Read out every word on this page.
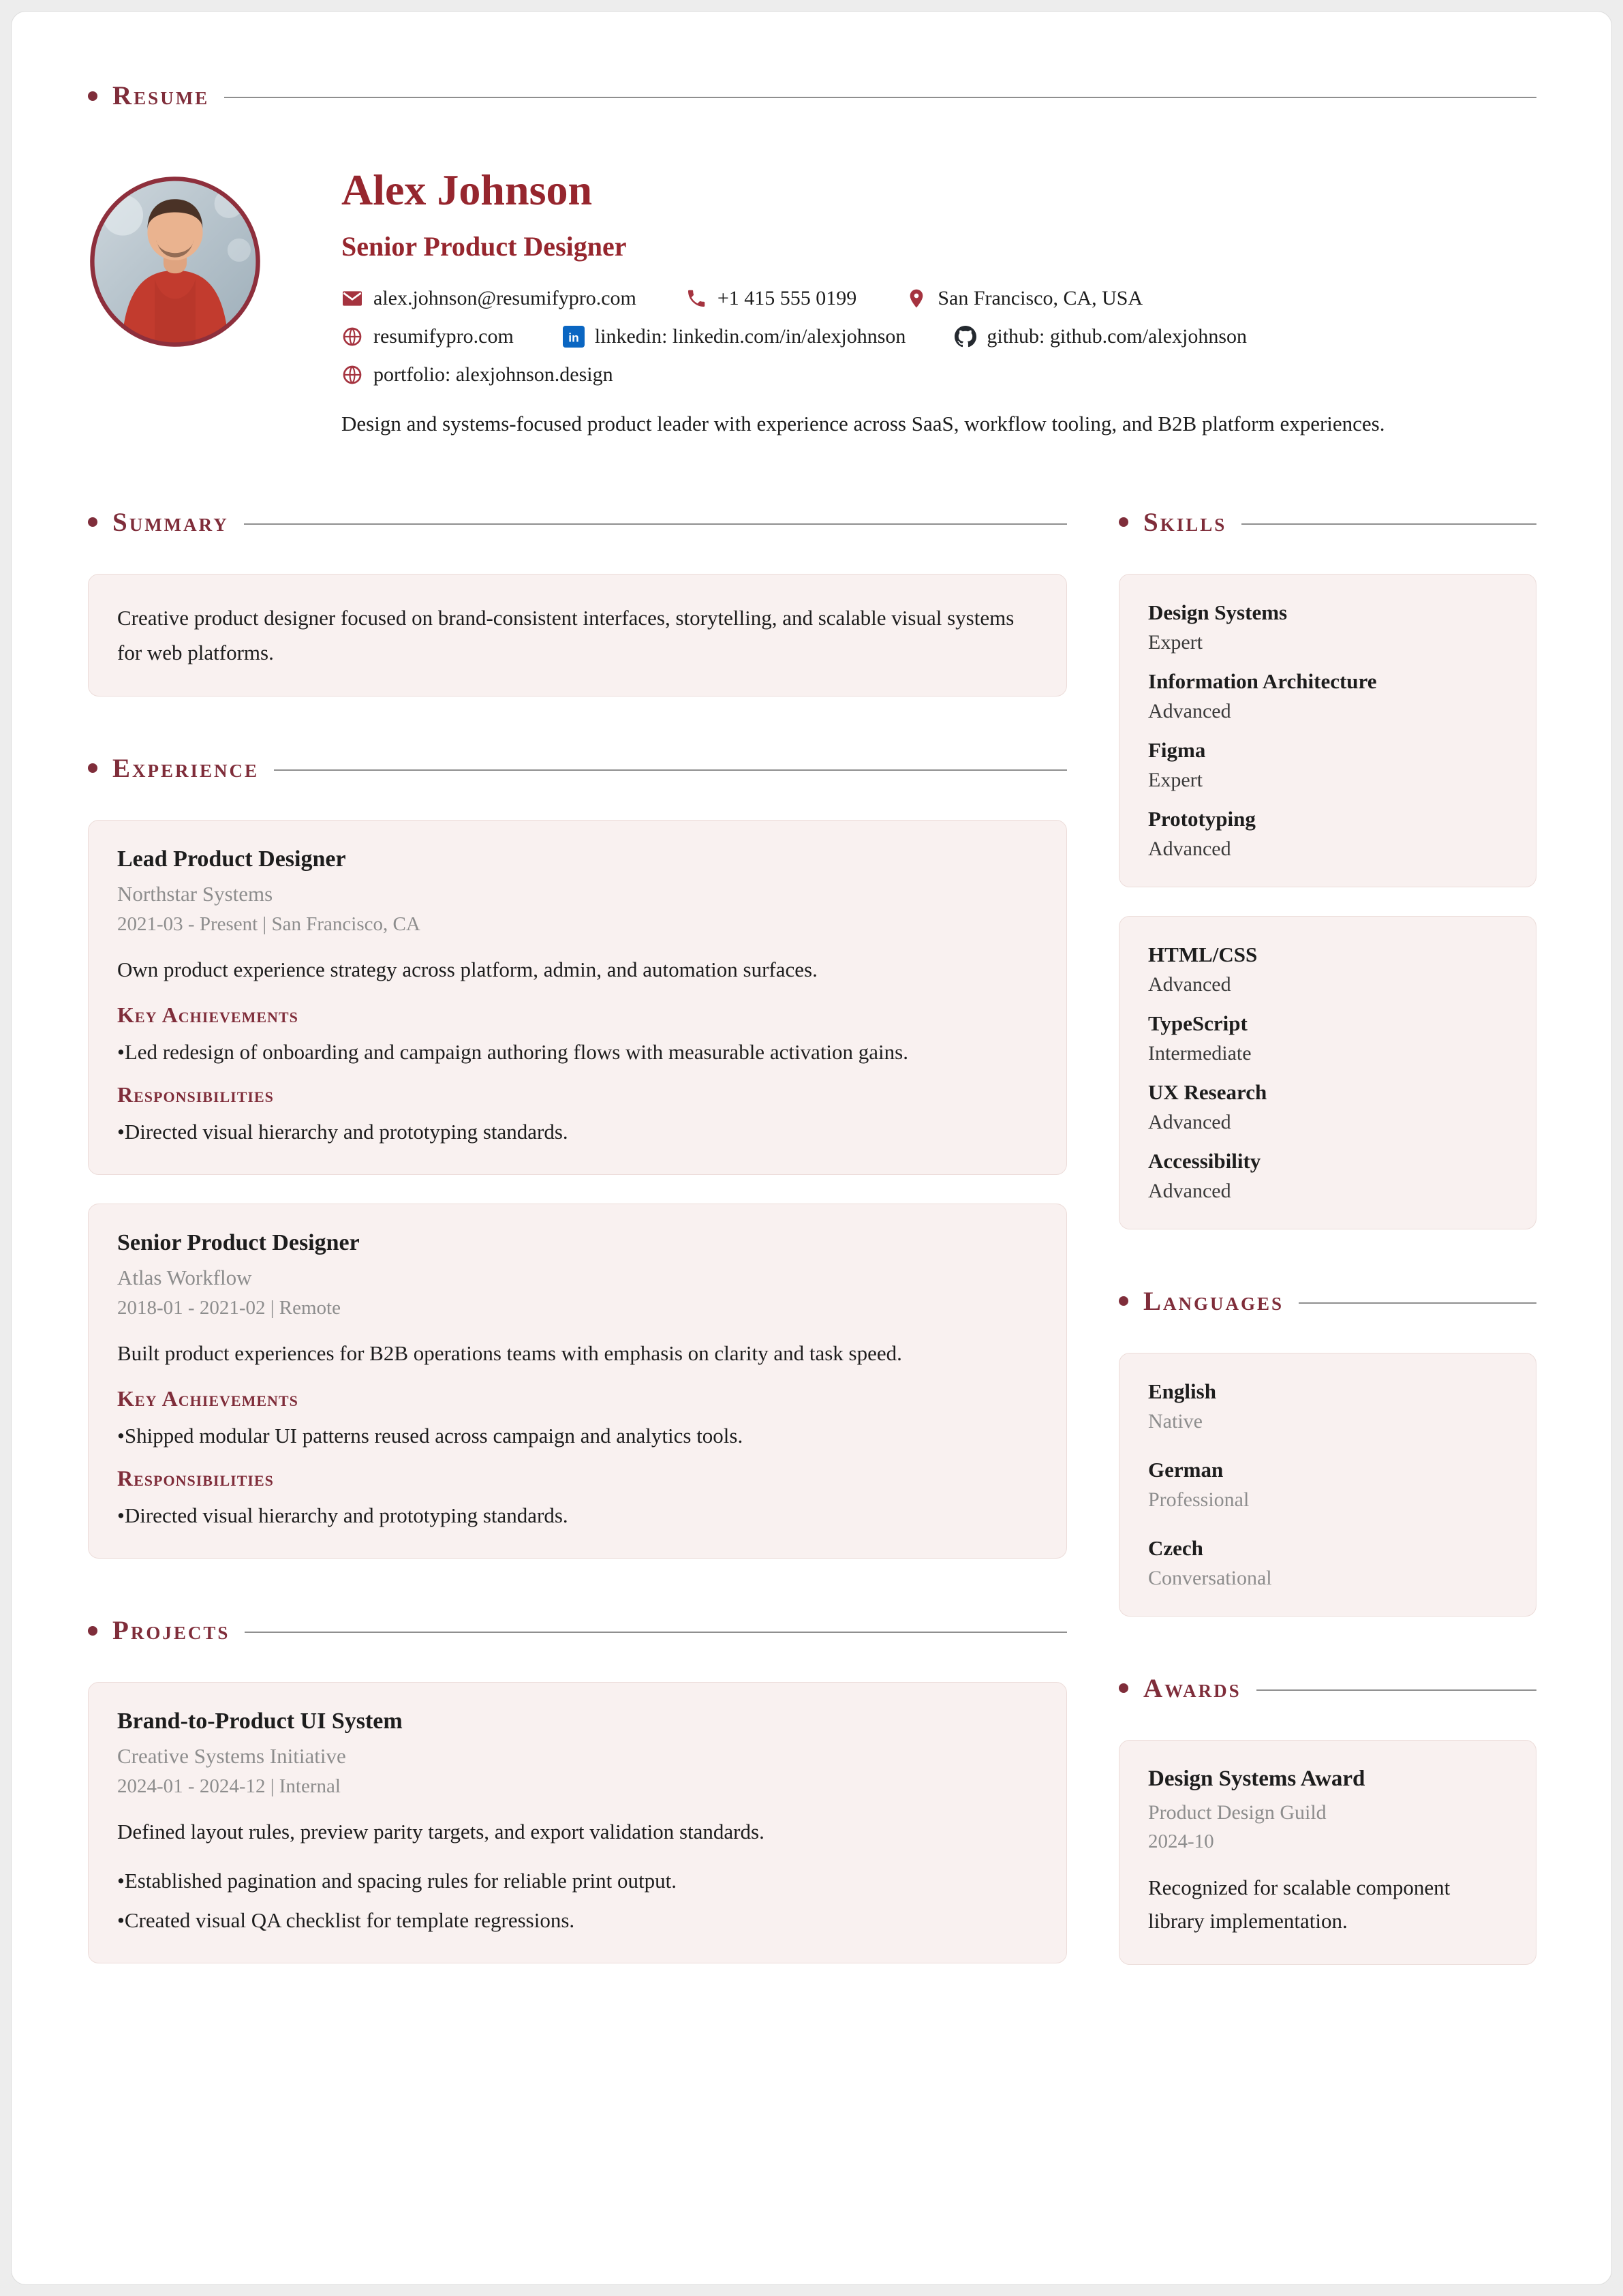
Resume
Alex Johnson
Senior Product Designer
alex.johnson@resumifypro.com	+1 415 555 0199	San Francisco, CA, USA
resumifypro.com	in linkedin: linkedin.com/in/alexjohnson	github: github.com/alexjohnson
portfolio: alexjohnson.design

Design and systems-focused product leader with experience across SaaS, workflow tooling, and B2B platform experiences.

Summary

Creative product designer focused on brand-consistent interfaces, storytelling, and scalable visual systems for web platforms.

Experience
Lead Product Designer
Northstar Systems
2021-03 - Present | San Francisco, CA

Own product experience strategy across platform, admin, and automation surfaces.

Key Achievements

• Led redesign of onboarding and campaign authoring flows with measurable activation gains.

Responsibilities

• Directed visual hierarchy and prototyping standards.

Senior Product Designer
Atlas Workflow
2018-01 - 2021-02 | Remote

Built product experiences for B2B operations teams with emphasis on clarity and task speed.

Key Achievements

• Shipped modular UI patterns reused across campaign and analytics tools.

Responsibilities

• Directed visual hierarchy and prototyping standards.

Projects
Brand-to-Product UI System
Creative Systems Initiative
2024-01 - 2024-12 | Internal

Defined layout rules, preview parity targets, and export validation standards.

• Established pagination and spacing rules for reliable print output.

• Created visual QA checklist for template regressions.

Skills
Design Systems
Expert
Information Architecture
Advanced
Figma
Expert
Prototyping
Advanced
HTML/CSS
Advanced
TypeScript
Intermediate
UX Research
Advanced
Accessibility
Advanced
Languages
English
Native
German
Professional
Czech
Conversational
Awards
Design Systems Award
Product Design Guild
2024-10

Recognized for scalable component library implementation.
